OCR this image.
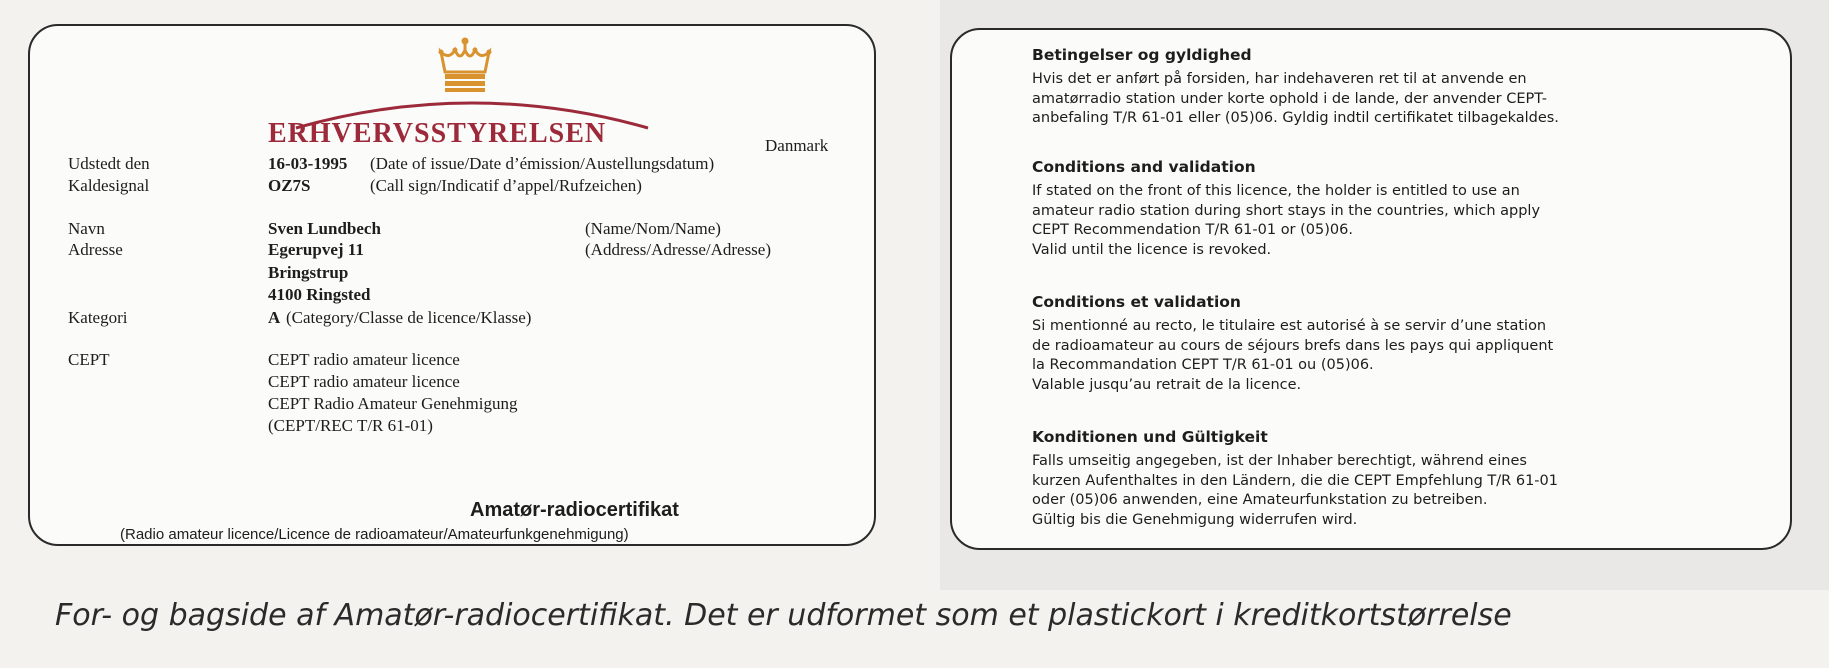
ERHVERVSSTYRELSEN	Danmark
Udstedt den	16-03-1995 (Date of issue/Date d’émission/Austellungsdatum)
Kaldesignal	OZ7S	(Call sign/Indicatif d’appel/Rufzeichen)
Navn	Sven Lundbech	(Name/Nom/Name)
Adresse	Egerupvej 11	(Address/Adresse/Adresse)
Bringstrup
4100 Ringsted
Kategori	A (Category/Classe de licence/Klasse)
CEPT	CEPT radio amateur licence
CEPT radio amateur licence
CEPT Radio Amateur Genehmigung
(CEPT/REC T/R 61-01)
Amatør-radiocertifikat
(Radio amateur licence/Licence de radioamateur/Amateurfunkgenehmigung)
Betingelser og gyldighed

Hvis det er anført på forsiden, har indehaveren ret til at anvende en
amatørradio station under korte ophold i de lande, der anvender CEPT-
anbefaling T/R 61-01 eller (05)06. Gyldig indtil certifikatet tilbagekaldes.

Conditions and validation

If stated on the front of this licence, the holder is entitled to use an
amateur radio station during short stays in the countries, which apply
CEPT Recommendation T/R 61-01 or (05)06.
Valid until the licence is revoked.

Conditions et validation

Si mentionné au recto, le titulaire est autorisé à se servir d’une station
de radioamateur au cours de séjours brefs dans les pays qui appliquent
la Recommandation CEPT T/R 61-01 ou (05)06.
Valable jusqu’au retrait de la licence.

Konditionen und Gültigkeit

Falls umseitig angegeben, ist der Inhaber berechtigt, während eines
kurzen Aufenthaltes in den Ländern, die die CEPT Empfehlung T/R 61-01
oder (05)06 anwenden, eine Amateurfunkstation zu betreiben.
Gültig bis die Genehmigung widerrufen wird.

For- og bagside af Amatør-radiocertifikat. Det er udformet som et plastickort i kreditkortstørrelse
